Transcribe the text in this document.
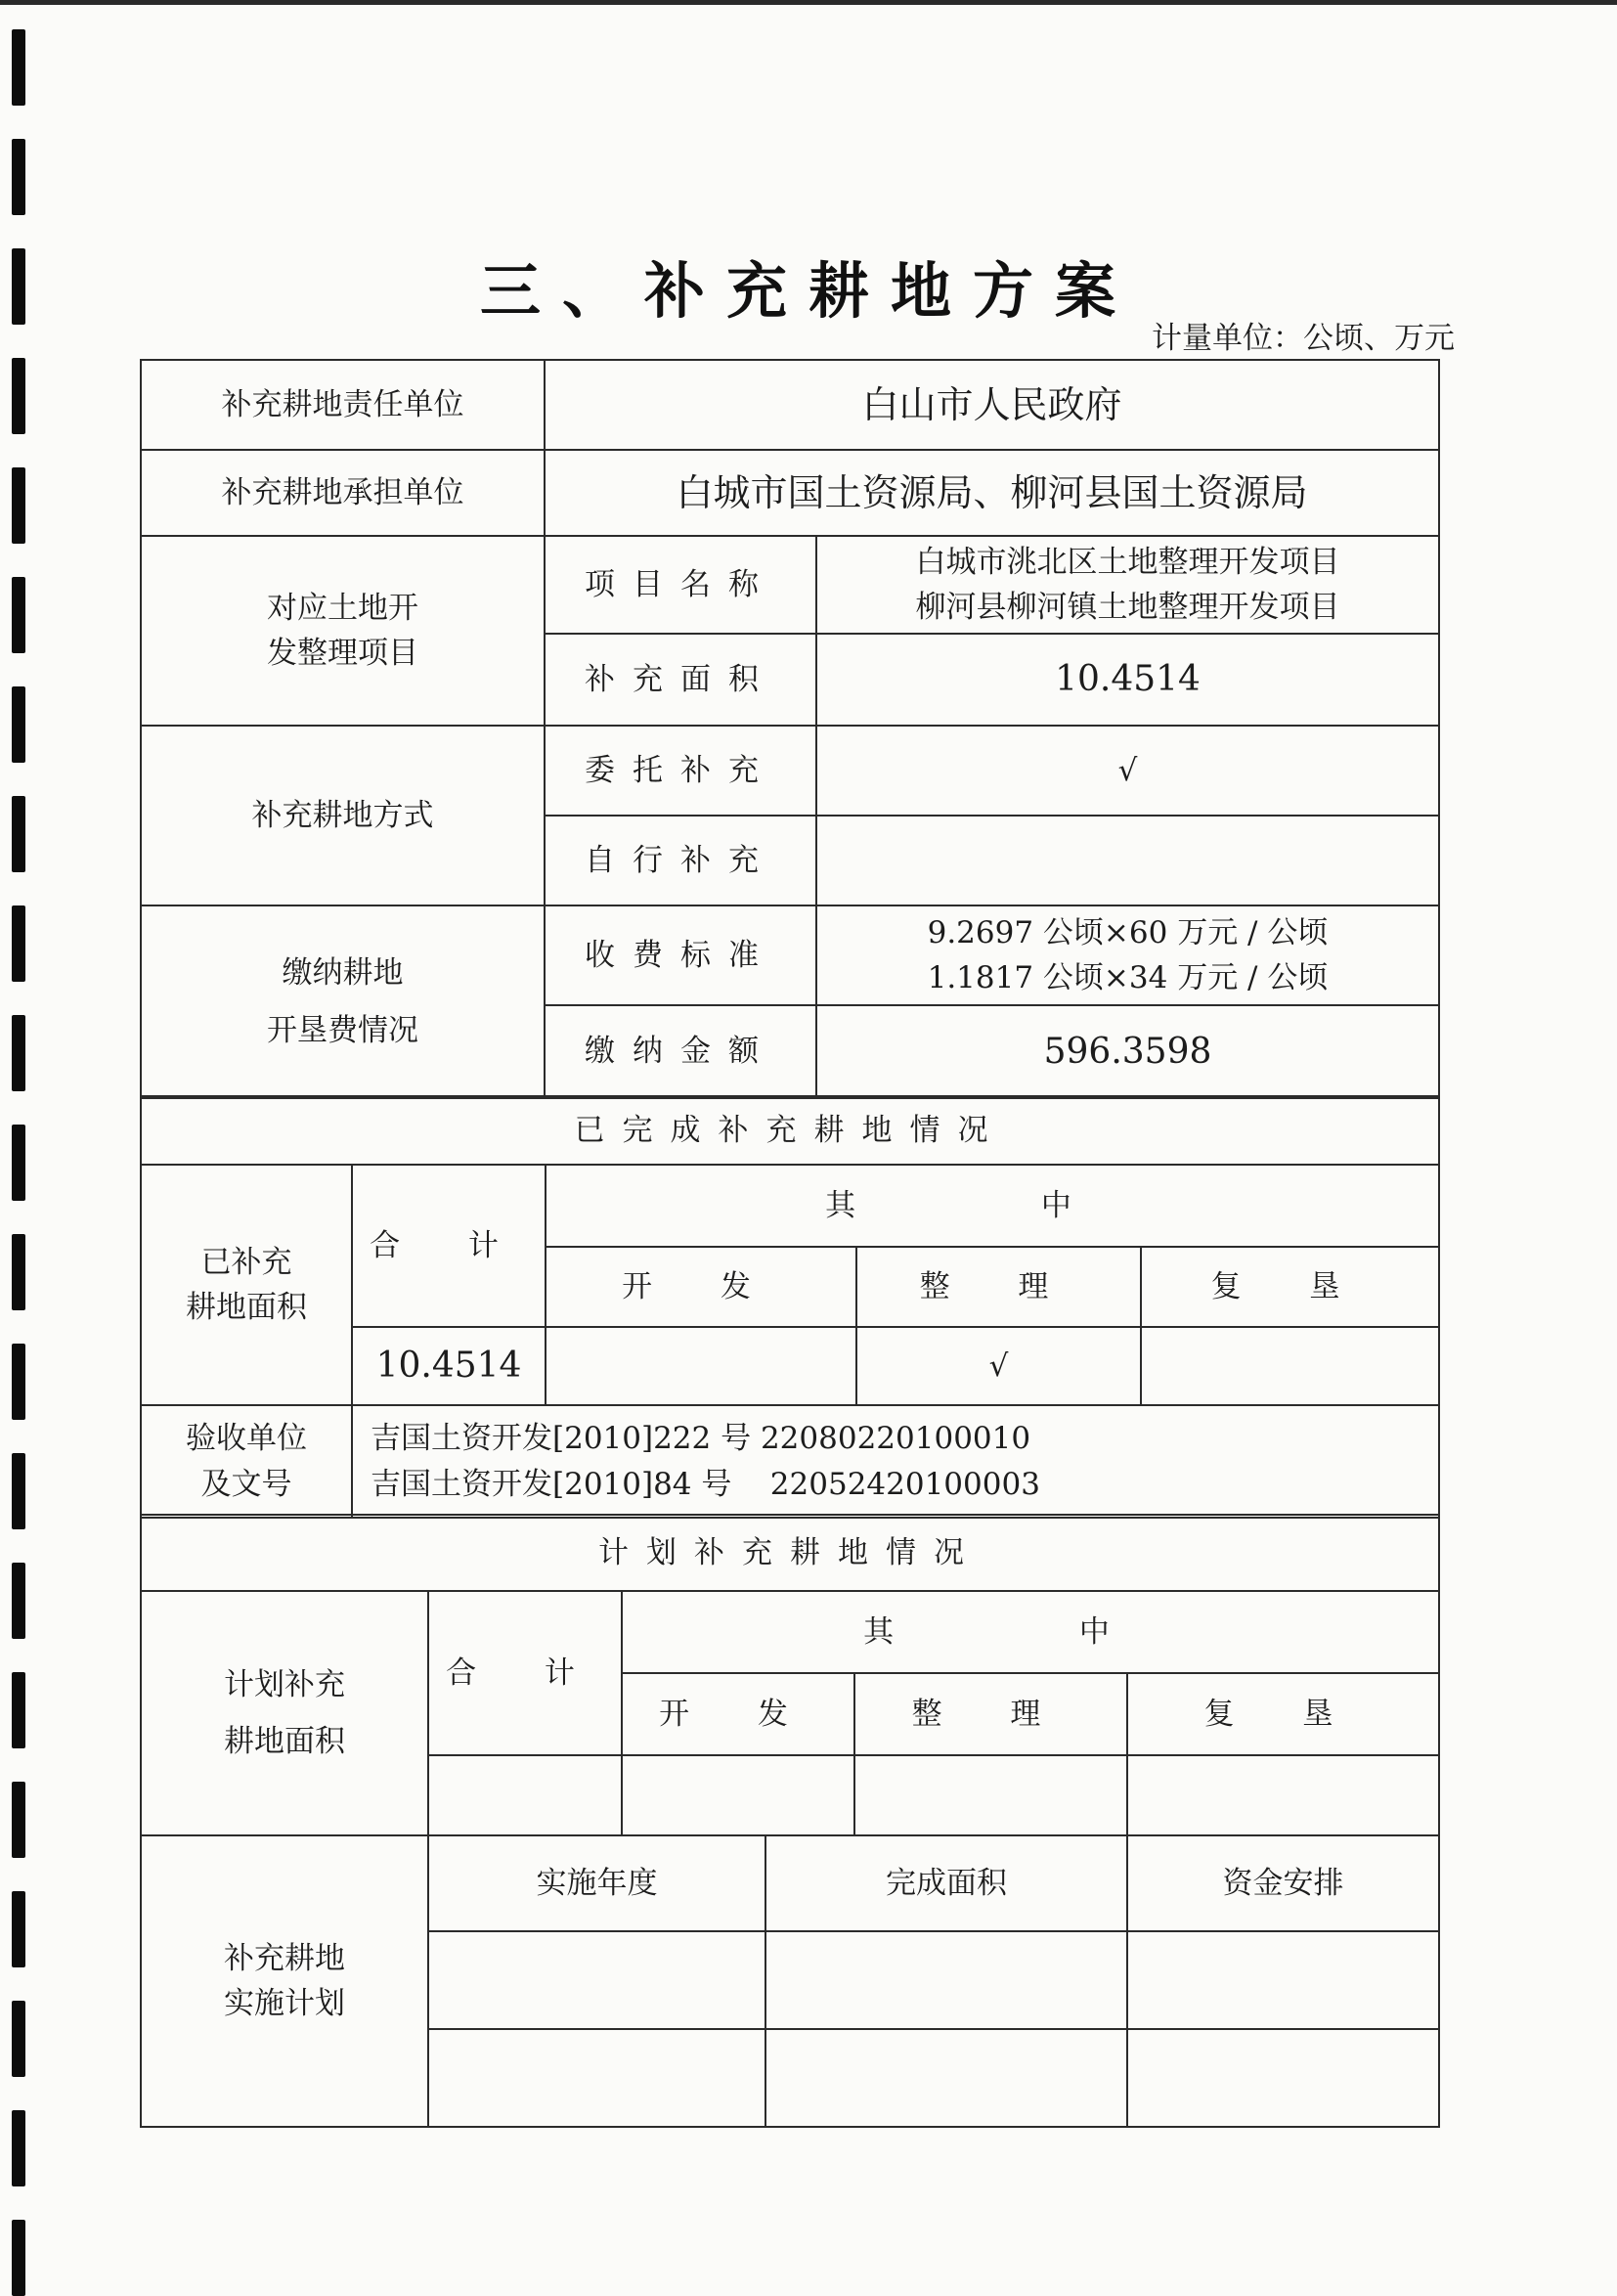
三、补充耕地方案
计量单位：公顷、万元
补充耕地责任单位	白山市人民政府	
补充耕地承担单位	白城市国土资源局、柳河县国土资源局	

对应土地开
发整理项目	项目名称	白城市洮北区土地整理开发项目
柳河县柳河镇土地整理开发项目

	补充面积	10.4514
补充耕地方式	委托补充	√
	自行补充	

缴纳耕地
开垦费情况	收费标准	9.2697 公顷×60 万元 / 公顷
1.1817 公顷×34 万元 / 公顷

	缴纳金额	596.3598
已完成补充耕地情况				

已补充
耕地面积	合 计	其 中		
		开 发	整 理	复 垦
	10.4514		√	

验收单位
及文号	吉国土资开发[2010]222 号 22080220100010
吉国土资开发[2010]84 号    22052420100003			
计划补充耕地情况					

计划补充
耕地面积	合 计	其 中			
		开 发		整 理	复 垦

补充耕地
实施计划	实施年度		完成面积		资金安排
